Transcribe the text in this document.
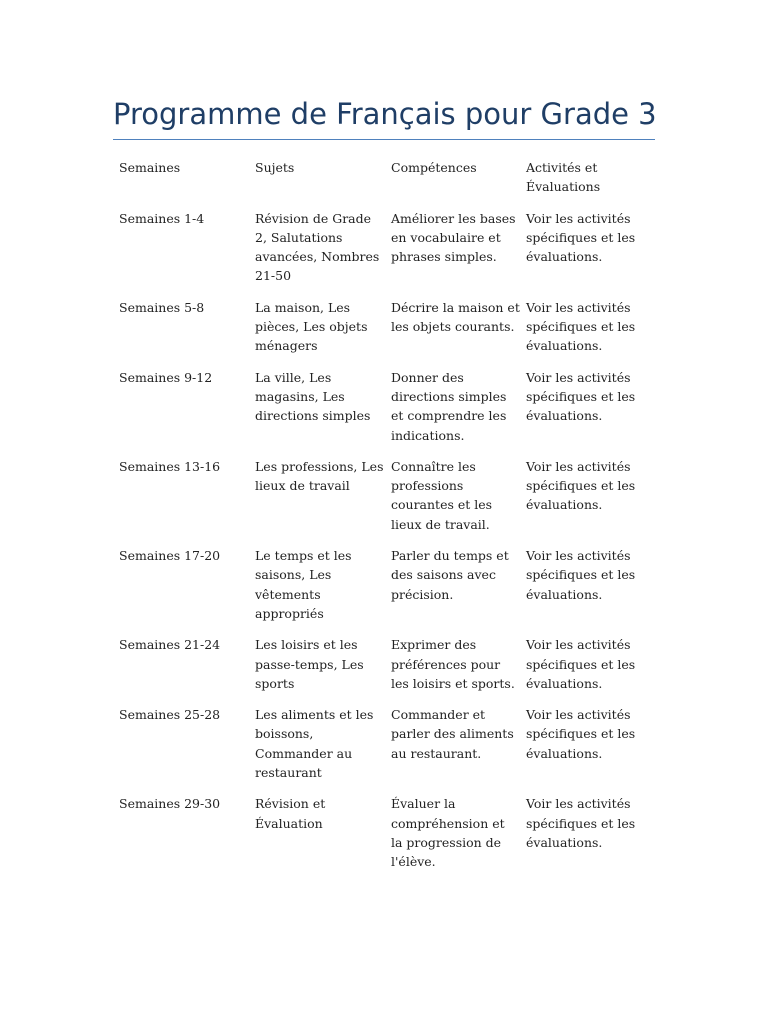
Programme de Français pour Grade 3
Semaines	Sujets	Compétences	Activités et Évaluations
Semaines 1-4	Révision de Grade 2, Salutations avancées, Nombres 21-50	Améliorer les bases en vocabulaire et phrases simples.	Voir les activités spécifiques et les évaluations.
Semaines 5-8	La maison, Les pièces, Les objets ménagers	Décrire la maison et les objets courants.	Voir les activités spécifiques et les évaluations.
Semaines 9-12	La ville, Les magasins, Les directions simples	Donner des directions simples et comprendre les indications.	Voir les activités spécifiques et les évaluations.
Semaines 13-16	Les professions, Les lieux de travail	Connaître les professions courantes et les lieux de travail.	Voir les activités spécifiques et les évaluations.
Semaines 17-20	Le temps et les saisons, Les vêtements appropriés	Parler du temps et des saisons avec précision.	Voir les activités spécifiques et les évaluations.
Semaines 21-24	Les loisirs et les passe-temps, Les sports	Exprimer des préférences pour les loisirs et sports.	Voir les activités spécifiques et les évaluations.
Semaines 25-28	Les aliments et les boissons, Commander au restaurant	Commander et parler des aliments au restaurant.	Voir les activités spécifiques et les évaluations.
Semaines 29-30	Révision et Évaluation	Évaluer la compréhension et la progression de l'élève.	Voir les activités spécifiques et les évaluations.
